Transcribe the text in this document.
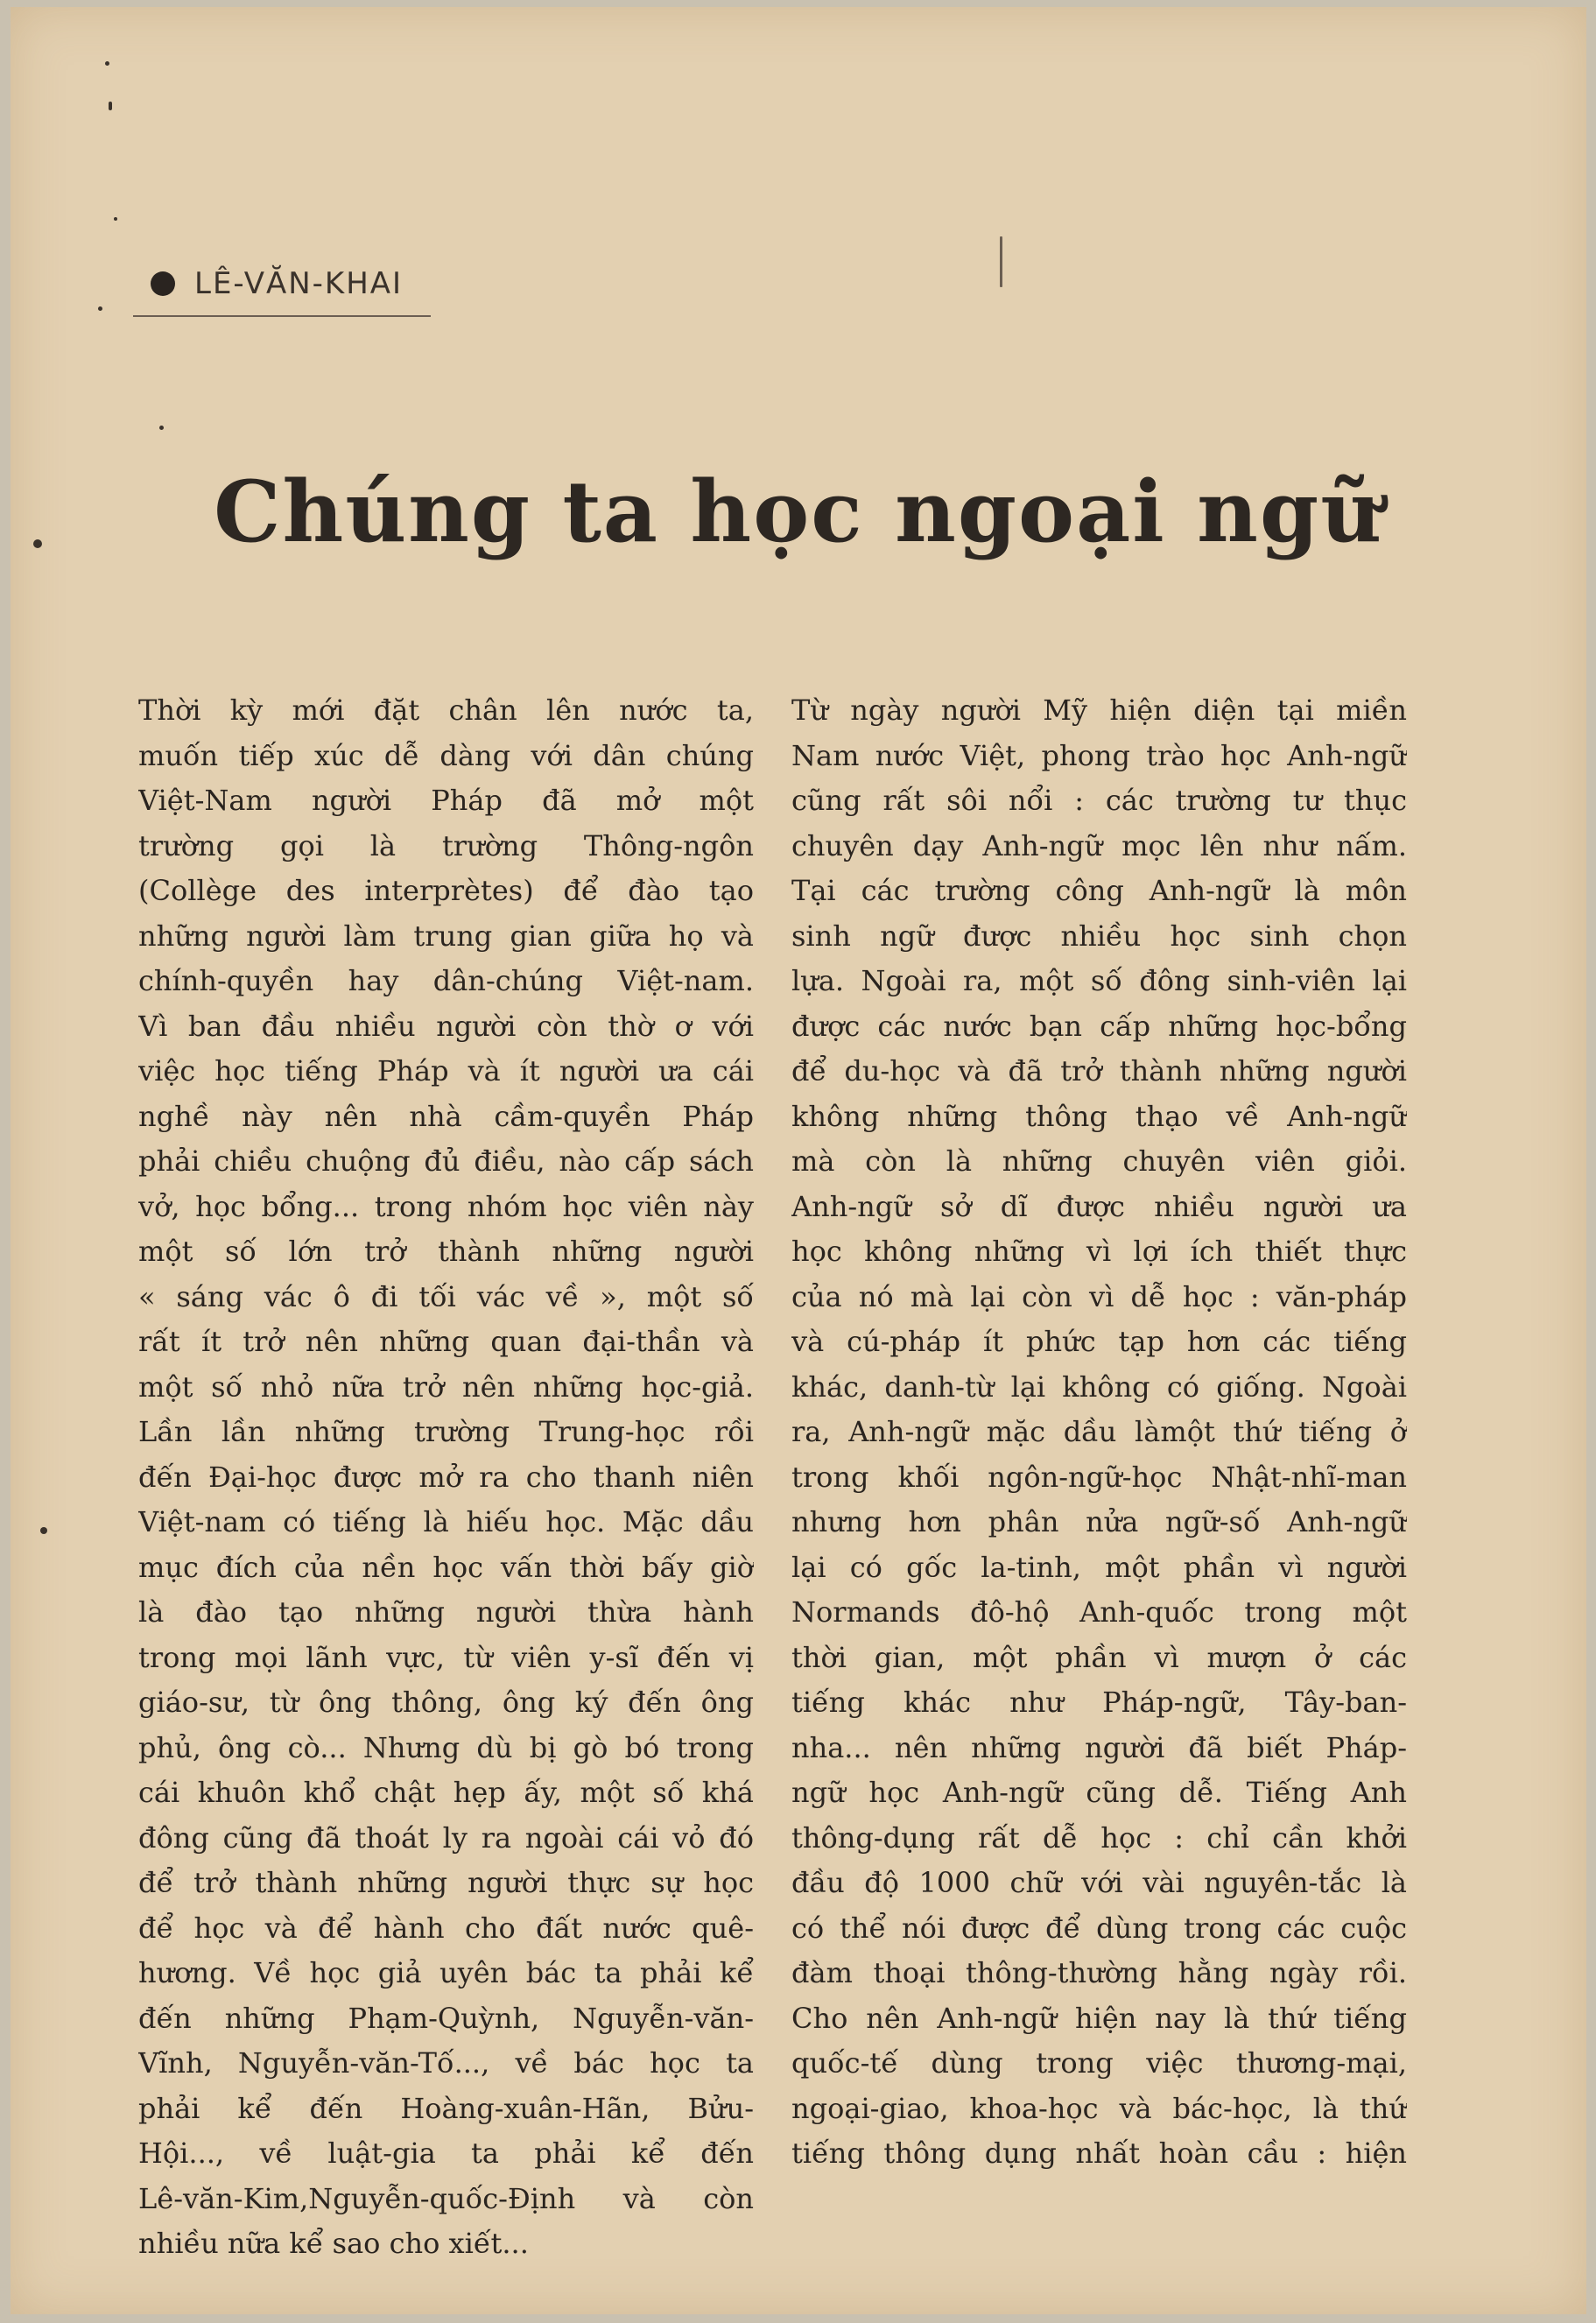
LÊ-VĂN-KHAI
Chúng ta học ngoại ngữ
Thời kỳ mới đặt chân lên nước ta,
muốn tiếp xúc dễ dàng với dân chúng
Việt-Nam người Pháp đã mở một
trường gọi là trường Thông-ngôn
(Collège des interprètes) để đào tạo
những người làm trung gian giữa họ và
chính-quyền hay dân-chúng Việt-nam.
Vì ban đầu nhiều người còn thờ ơ với
việc học tiếng Pháp và ít người ưa cái
nghề này nên nhà cầm-quyền Pháp
phải chiều chuộng đủ điều, nào cấp sách
vở, học bổng... trong nhóm học viên này
một số lớn trở thành những người
« sáng vác ô đi tối vác về », một số
rất ít trở nên những quan đại-thần và
một số nhỏ nữa trở nên những học-giả.
Lần lần những trường Trung-học rồi
đến Đại-học được mở ra cho thanh niên
Việt-nam có tiếng là hiếu học. Mặc dầu
mục đích của nền học vấn thời bấy giờ
là đào tạo những người thừa hành
trong mọi lãnh vực, từ viên y-sĩ đến vị
giáo-sư, từ ông thông, ông ký đến ông
phủ, ông cò... Nhưng dù bị gò bó trong
cái khuôn khổ chật hẹp ấy, một số khá
đông cũng đã thoát ly ra ngoài cái vỏ đó
để trở thành những người thực sự học
để học và để hành cho đất nước quê-
hương. Về học giả uyên bác ta phải kể
đến những Phạm-Quỳnh, Nguyễn-văn-
Vĩnh, Nguyễn-văn-Tố..., về bác học ta
phải kể đến Hoàng-xuân-Hãn, Bửu-
Hội..., về luật-gia ta phải kể đến
Lê-văn-Kim,Nguyễn-quốc-Định và còn
nhiều nữa kể sao cho xiết...
Từ ngày người Mỹ hiện diện tại miền
Nam nước Việt, phong trào học Anh-ngữ
cũng rất sôi nổi : các trường tư thục
chuyên dạy Anh-ngữ mọc lên như nấm.
Tại các trường công Anh-ngữ là môn
sinh ngữ được nhiều học sinh chọn
lựa. Ngoài ra, một số đông sinh-viên lại
được các nước bạn cấp những học-bổng
để du-học và đã trở thành những người
không những thông thạo về Anh-ngữ
mà còn là những chuyên viên giỏi.
Anh-ngữ sở dĩ được nhiều người ưa
học không những vì lợi ích thiết thực
của nó mà lại còn vì dễ học : văn-pháp
và cú-pháp ít phức tạp hơn các tiếng
khác, danh-từ lại không có giống. Ngoài
ra, Anh-ngữ mặc dầu làmột thứ tiếng ở
trong khối ngôn-ngữ-học Nhật-nhĩ-man
nhưng hơn phân nửa ngữ-số Anh-ngữ
lại có gốc la-tinh, một phần vì người
Normands đô-hộ Anh-quốc trong một
thời gian, một phần vì mượn ở các
tiếng khác như Pháp-ngữ, Tây-ban-
nha... nên những người đã biết Pháp-
ngữ học Anh-ngữ cũng dễ. Tiếng Anh
thông-dụng rất dễ học : chỉ cần khởi
đầu độ 1000 chữ với vài nguyên-tắc là
có thể nói được để dùng trong các cuộc
đàm thoại thông-thường hằng ngày rồi.
Cho nên Anh-ngữ hiện nay là thứ tiếng
quốc-tế dùng trong việc thương-mại,
ngoại-giao, khoa-học và bác-học, là thứ
tiếng thông dụng nhất hoàn cầu : hiện
